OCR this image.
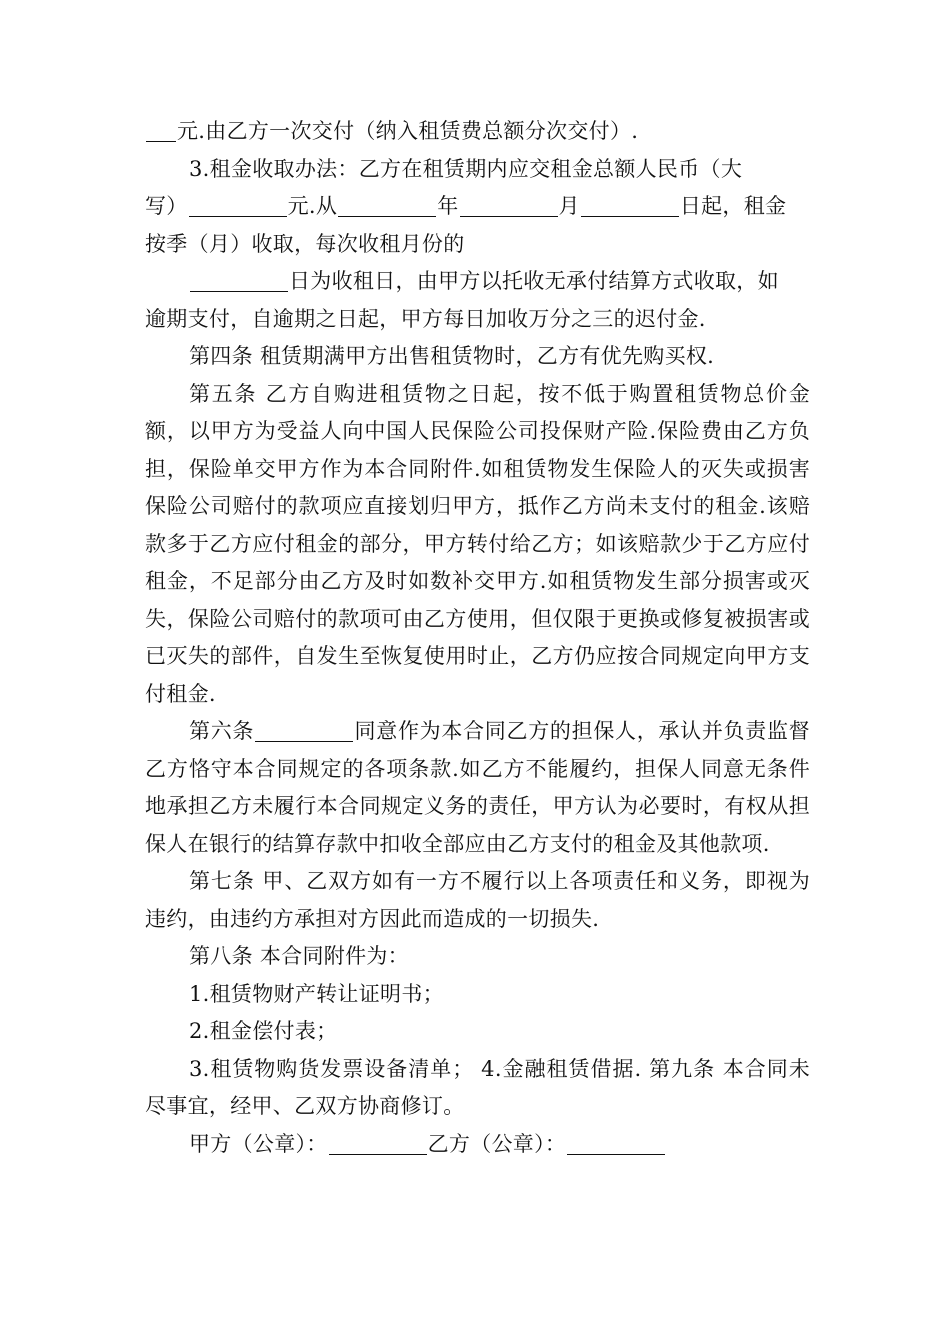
元.由乙方一次交付（纳入租赁费总额分次交付）.

3.租金收取办法：乙方在租赁期内应交租金总额人民币（大

写）	元.从	年	月	日起，租金

按季（月）收取，每次收租月份的

日为收租日，由甲方以托收无承付结算方式收取，如

逾期支付，自逾期之日起，甲方每日加收万分之三的迟付金.

第四条 租赁期满甲方出售租赁物时，乙方有优先购买权.

第五条 乙方自购进租赁物之日起，按不低于购置租赁物总价金额，以甲方为受益人向中国人民保险公司投保财产险.保险费由乙方负担，保险单交甲方作为本合同附件.如租赁物发生保险人的灭失或损害保险公司赔付的款项应直接划归甲方，抵作乙方尚未支付的租金.该赔款多于乙方应付租金的部分，甲方转付给乙方；如该赔款少于乙方应付租金，不足部分由乙方及时如数补交甲方.如租赁物发生部分损害或灭失，保险公司赔付的款项可由乙方使用，但仅限于更换或修复被损害或已灭失的部件，自发生至恢复使用时止，乙方仍应按合同规定向甲方支付租金.

第六条	同意作为本合同乙方的担保人，承认并负责监督乙方恪守本合同规定的各项条款.如乙方不能履约，担保人同意无条件地承担乙方未履行本合同规定义务的责任，甲方认为必要时，有权从担保人在银行的结算存款中扣收全部应由乙方支付的租金及其他款项.

第七条 甲、乙双方如有一方不履行以上各项责任和义务，即视为违约，由违约方承担对方因此而造成的一切损失.

第八条 本合同附件为：

1.租赁物财产转让证明书；

2.租金偿付表；

3.租赁物购货发票设备清单； 4.金融租赁借据. 第九条 本合同未尽事宜，经甲、乙双方协商修订。

甲方（公章）：	乙方（公章）：
